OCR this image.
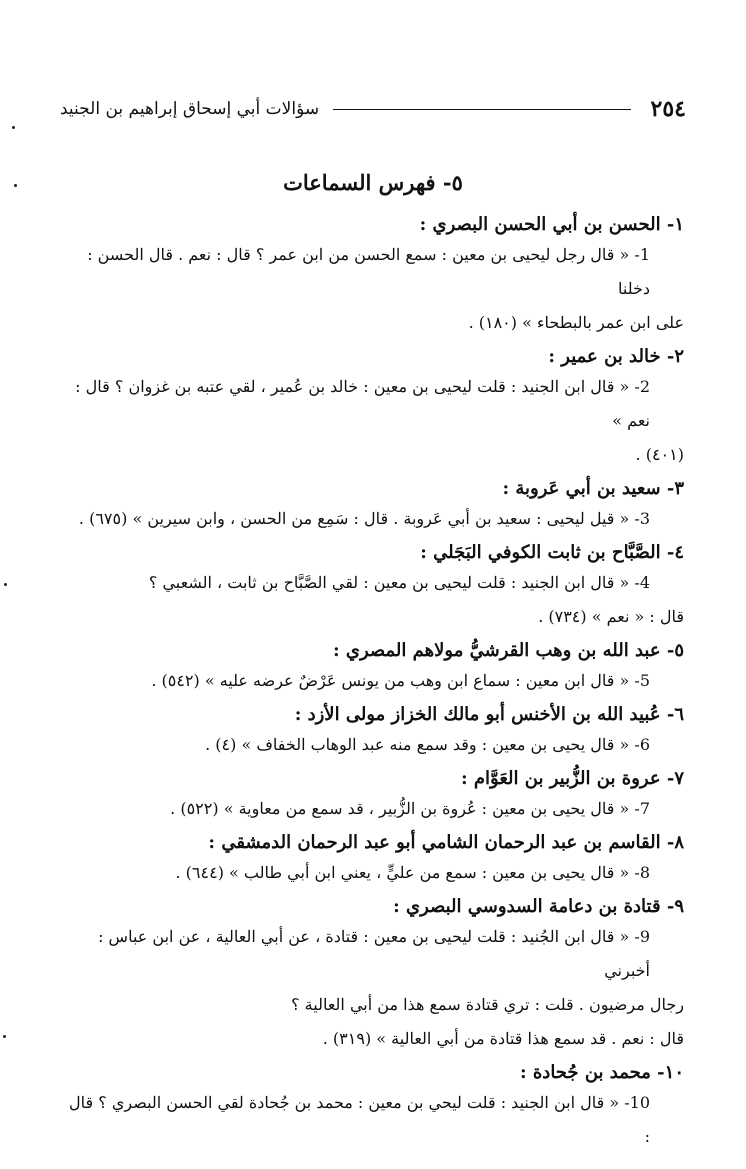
٢٥٤
سؤالات أبي إسحاق إبراهيم بن الجنيد
٥- فهرس السماعات
١- الحسن بن أبي الحسن البصري :
1- « قال رجل ليحيى بن معين : سمع الحسن من ابن عمر ؟ قال : نعم . قال الحسن : دخلنا
على ابن عمر بالبطحاء » (١٨٠) .
٢- خالد بن عمير :
2- « قال ابن الجنيد : قلت ليحيى بن معين : خالد بن عُمير ، لقي عتبه بن غزوان ؟ قال : نعم »
(٤٠١) .
٣- سعيد بن أبي عَروبة :
3- « قيل ليحيى : سعيد بن أبي عَروبة . قال : سَمِع من الحسن ، وابن سيرين » (٦٧٥) .
٤- الصَّبَّاح بن ثابت الكوفي البَجَلي :
4- « قال ابن الجنيد : قلت ليحيى بن معين : لقي الصَّبَّاح بن ثابت ، الشعبي ؟
قال : « نعم » (٧٣٤) .
٥- عبد الله بن وهب القرشيُّ مولاهم المصري :
5- « قال ابن معين : سماع ابن وهب من يونس عَرْضٌ عرضه عليه » (٥٤٢) .
٦- عُبيد الله بن الأخنس أبو مالك الخزاز مولى الأزد :
6- « قال يحيى بن معين : وقد سمع منه عبد الوهاب الخفاف » (٤) .
٧- عروة بن الزُّبير بن العَوَّام :
7- « قال يحيى بن معين : عُروة بن الزُّبير ، قد سمع من معاوية » (٥٢٢) .
٨- القاسم بن عبد الرحمان الشامي أبو عبد الرحمان الدمشقي :
8- « قال يحيى بن معين : سمع من عليٍّ ، يعني ابن أبي طالب » (٦٤٤) .
٩- قتادة بن دعامة السدوسي البصري :
9- « قال ابن الجُنيد : قلت ليحيى بن معين : قتادة ، عن أبي العالية ، عن ابن عباس : أخبرني
رجال مرضيون . قلت : تري قتادة سمع هذا من أبي العالية ؟
قال : نعم . قد سمع هذا قتادة من أبي العالية » (٣١٩) .
١٠- محمد بن جُحادة :
10- « قال ابن الجنيد : قلت ليحي بن معين : محمد بن جُحادة لقي الحسن البصري ؟ قال :
